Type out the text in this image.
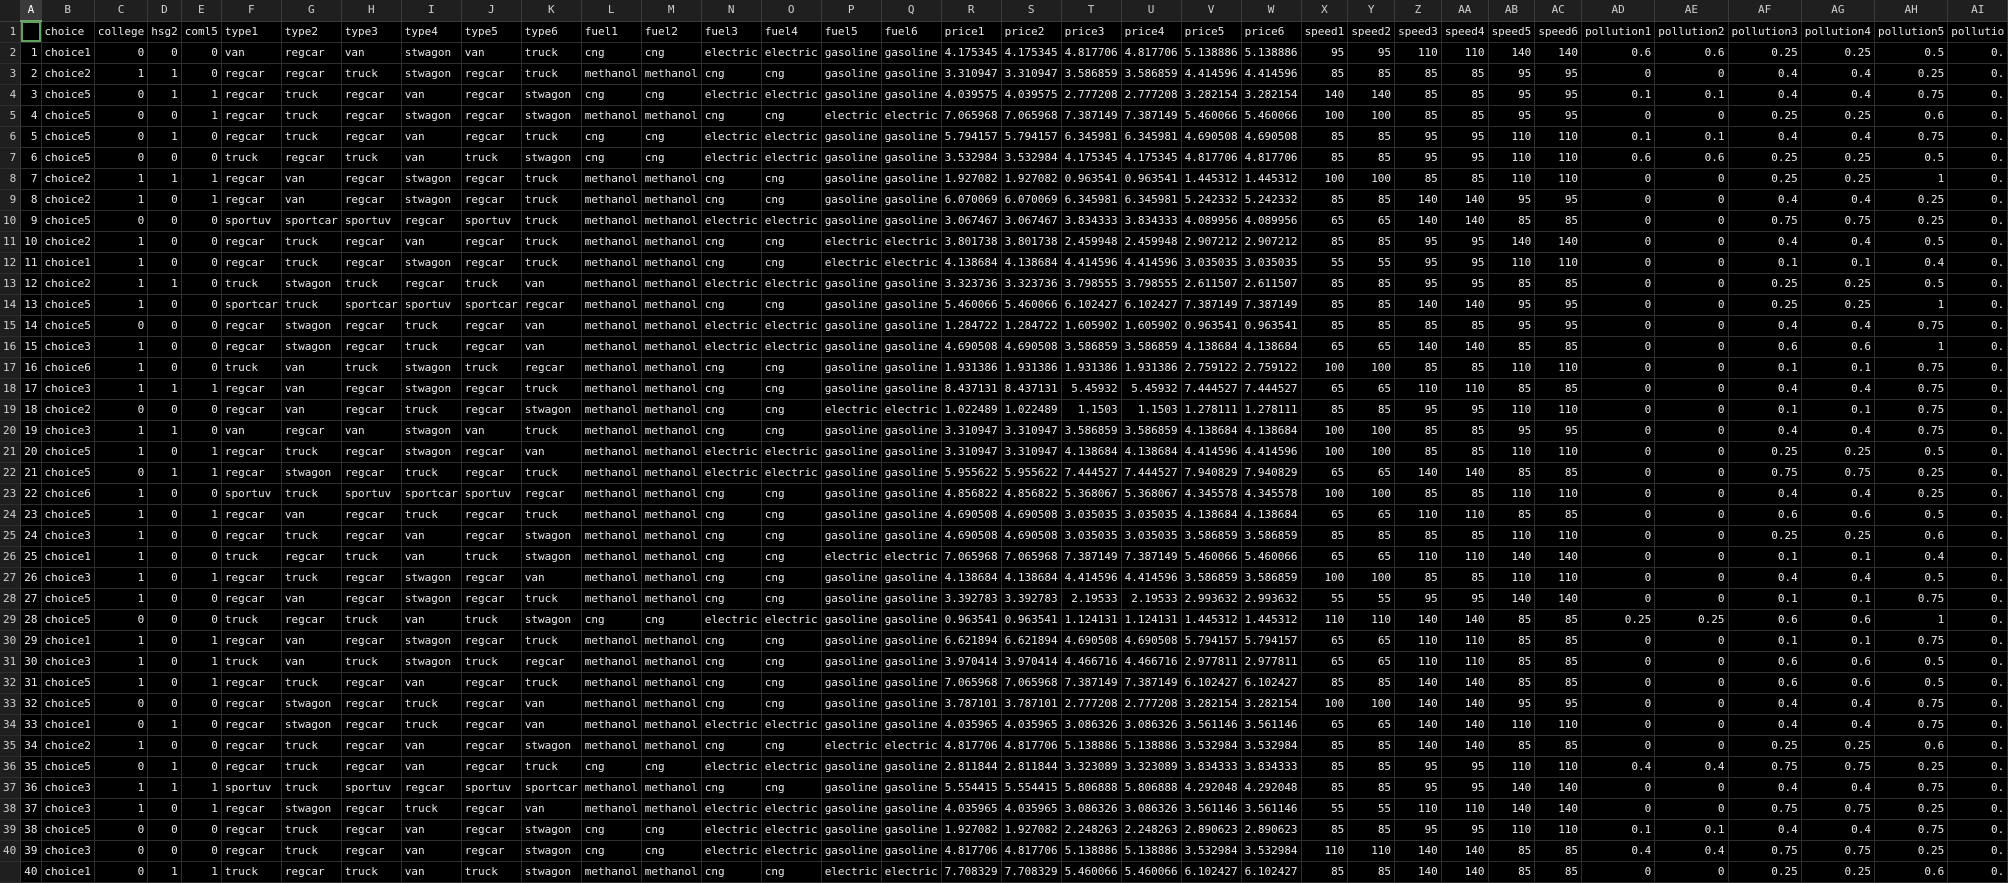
	A	B	C	D	E	F	G	H	I	J	K	L	M	N	O	P	Q	R	S	T	U	V	W	X	Y	Z	AA	AB	AC	AD	AE	AF	AG	AH	AI
1		choice	college	hsg2	coml5	type1	type2	type3	type4	type5	type6	fuel1	fuel2	fuel3	fuel4	fuel5	fuel6	price1	price2	price3	price4	price5	price6	speed1	speed2	speed3	speed4	speed5	speed6	pollution1	pollution2	pollution3	pollution4	pollution5	pollutio
2	1	choice1	0	0	0	van	regcar	van	stwagon	van	truck	cng	cng	electric	electric	gasoline	gasoline	4.175345	4.175345	4.817706	4.817706	5.138886	5.138886	95	95	110	110	140	140	0.6	0.6	0.25	0.25	0.5	0.
3	2	choice2	1	1	0	regcar	regcar	truck	stwagon	regcar	truck	methanol	methanol	cng	cng	gasoline	gasoline	3.310947	3.310947	3.586859	3.586859	4.414596	4.414596	85	85	85	85	95	95	0	0	0.4	0.4	0.25	0.
4	3	choice5	0	1	1	regcar	truck	regcar	van	regcar	stwagon	cng	cng	electric	electric	gasoline	gasoline	4.039575	4.039575	2.777208	2.777208	3.282154	3.282154	140	140	85	85	95	95	0.1	0.1	0.4	0.4	0.75	0.
5	4	choice5	0	0	1	regcar	truck	regcar	stwagon	regcar	stwagon	methanol	methanol	cng	cng	electric	electric	7.065968	7.065968	7.387149	7.387149	5.460066	5.460066	100	100	85	85	95	95	0	0	0.25	0.25	0.6	0.
6	5	choice5	0	1	0	regcar	truck	regcar	van	regcar	truck	cng	cng	electric	electric	gasoline	gasoline	5.794157	5.794157	6.345981	6.345981	4.690508	4.690508	85	85	95	95	110	110	0.1	0.1	0.4	0.4	0.75	0.
7	6	choice5	0	0	0	truck	regcar	truck	van	truck	stwagon	cng	cng	electric	electric	gasoline	gasoline	3.532984	3.532984	4.175345	4.175345	4.817706	4.817706	85	85	95	95	110	110	0.6	0.6	0.25	0.25	0.5	0.
8	7	choice2	1	1	1	regcar	van	regcar	stwagon	regcar	truck	methanol	methanol	cng	cng	gasoline	gasoline	1.927082	1.927082	0.963541	0.963541	1.445312	1.445312	100	100	85	85	110	110	0	0	0.25	0.25	1	0.
9	8	choice2	1	0	1	regcar	van	regcar	stwagon	regcar	truck	methanol	methanol	cng	cng	gasoline	gasoline	6.070069	6.070069	6.345981	6.345981	5.242332	5.242332	85	85	140	140	95	95	0	0	0.4	0.4	0.25	0.
10	9	choice5	0	0	0	sportuv	sportcar	sportuv	regcar	sportuv	truck	methanol	methanol	electric	electric	gasoline	gasoline	3.067467	3.067467	3.834333	3.834333	4.089956	4.089956	65	65	140	140	85	85	0	0	0.75	0.75	0.25	0.
11	10	choice2	1	0	0	regcar	truck	regcar	van	regcar	truck	methanol	methanol	cng	cng	electric	electric	3.801738	3.801738	2.459948	2.459948	2.907212	2.907212	85	85	95	95	140	140	0	0	0.4	0.4	0.5	0.
12	11	choice1	1	0	0	regcar	truck	regcar	stwagon	regcar	truck	methanol	methanol	cng	cng	electric	electric	4.138684	4.138684	4.414596	4.414596	3.035035	3.035035	55	55	95	95	110	110	0	0	0.1	0.1	0.4	0.
13	12	choice2	1	1	0	truck	stwagon	truck	regcar	truck	van	methanol	methanol	electric	electric	gasoline	gasoline	3.323736	3.323736	3.798555	3.798555	2.611507	2.611507	85	85	95	95	85	85	0	0	0.25	0.25	0.5	0.
14	13	choice5	1	0	0	sportcar	truck	sportcar	sportuv	sportcar	regcar	methanol	methanol	cng	cng	gasoline	gasoline	5.460066	5.460066	6.102427	6.102427	7.387149	7.387149	85	85	140	140	95	95	0	0	0.25	0.25	1	0.
15	14	choice5	0	0	0	regcar	stwagon	regcar	truck	regcar	van	methanol	methanol	electric	electric	gasoline	gasoline	1.284722	1.284722	1.605902	1.605902	0.963541	0.963541	85	85	85	85	95	95	0	0	0.4	0.4	0.75	0.
16	15	choice3	1	0	0	regcar	stwagon	regcar	truck	regcar	van	methanol	methanol	electric	electric	gasoline	gasoline	4.690508	4.690508	3.586859	3.586859	4.138684	4.138684	65	65	140	140	85	85	0	0	0.6	0.6	1	0.
17	16	choice6	1	0	0	truck	van	truck	stwagon	truck	regcar	methanol	methanol	cng	cng	gasoline	gasoline	1.931386	1.931386	1.931386	1.931386	2.759122	2.759122	100	100	85	85	110	110	0	0	0.1	0.1	0.75	0.
18	17	choice3	1	1	1	regcar	van	regcar	stwagon	regcar	truck	methanol	methanol	cng	cng	gasoline	gasoline	8.437131	8.437131	5.45932	5.45932	7.444527	7.444527	65	65	110	110	85	85	0	0	0.4	0.4	0.75	0.
19	18	choice2	0	0	0	regcar	van	regcar	truck	regcar	stwagon	methanol	methanol	cng	cng	electric	electric	1.022489	1.022489	1.1503	1.1503	1.278111	1.278111	85	85	95	95	110	110	0	0	0.1	0.1	0.75	0.
20	19	choice3	1	1	0	van	regcar	van	stwagon	van	truck	methanol	methanol	cng	cng	gasoline	gasoline	3.310947	3.310947	3.586859	3.586859	4.138684	4.138684	100	100	85	85	95	95	0	0	0.4	0.4	0.75	0.
21	20	choice5	1	0	1	regcar	truck	regcar	stwagon	regcar	van	methanol	methanol	electric	electric	gasoline	gasoline	3.310947	3.310947	4.138684	4.138684	4.414596	4.414596	100	100	85	85	110	110	0	0	0.25	0.25	0.5	0.
22	21	choice5	0	1	1	regcar	stwagon	regcar	truck	regcar	truck	methanol	methanol	electric	electric	gasoline	gasoline	5.955622	5.955622	7.444527	7.444527	7.940829	7.940829	65	65	140	140	85	85	0	0	0.75	0.75	0.25	0.
23	22	choice6	1	0	0	sportuv	truck	sportuv	sportcar	sportuv	regcar	methanol	methanol	cng	cng	gasoline	gasoline	4.856822	4.856822	5.368067	5.368067	4.345578	4.345578	100	100	85	85	110	110	0	0	0.4	0.4	0.25	0.
24	23	choice5	1	0	1	regcar	van	regcar	truck	regcar	truck	methanol	methanol	cng	cng	gasoline	gasoline	4.690508	4.690508	3.035035	3.035035	4.138684	4.138684	65	65	110	110	85	85	0	0	0.6	0.6	0.5	0.
25	24	choice3	1	0	0	regcar	truck	regcar	van	regcar	stwagon	methanol	methanol	cng	cng	gasoline	gasoline	4.690508	4.690508	3.035035	3.035035	3.586859	3.586859	85	85	85	85	110	110	0	0	0.25	0.25	0.6	0.
26	25	choice1	1	0	0	truck	regcar	truck	van	truck	stwagon	methanol	methanol	cng	cng	electric	electric	7.065968	7.065968	7.387149	7.387149	5.460066	5.460066	65	65	110	110	140	140	0	0	0.1	0.1	0.4	0.
27	26	choice3	1	0	1	regcar	truck	regcar	stwagon	regcar	van	methanol	methanol	cng	cng	gasoline	gasoline	4.138684	4.138684	4.414596	4.414596	3.586859	3.586859	100	100	85	85	110	110	0	0	0.4	0.4	0.5	0.
28	27	choice5	1	0	0	regcar	van	regcar	stwagon	regcar	truck	methanol	methanol	cng	cng	gasoline	gasoline	3.392783	3.392783	2.19533	2.19533	2.993632	2.993632	55	55	95	95	140	140	0	0	0.1	0.1	0.75	0.
29	28	choice5	0	0	0	truck	regcar	truck	van	truck	stwagon	cng	cng	electric	electric	gasoline	gasoline	0.963541	0.963541	1.124131	1.124131	1.445312	1.445312	110	110	140	140	85	85	0.25	0.25	0.6	0.6	1	0.
30	29	choice1	1	0	1	regcar	van	regcar	stwagon	regcar	truck	methanol	methanol	cng	cng	gasoline	gasoline	6.621894	6.621894	4.690508	4.690508	5.794157	5.794157	65	65	110	110	85	85	0	0	0.1	0.1	0.75	0.
31	30	choice3	1	0	1	truck	van	truck	stwagon	truck	regcar	methanol	methanol	cng	cng	gasoline	gasoline	3.970414	3.970414	4.466716	4.466716	2.977811	2.977811	65	65	110	110	85	85	0	0	0.6	0.6	0.5	0.
32	31	choice5	1	0	1	regcar	truck	regcar	van	regcar	truck	methanol	methanol	cng	cng	gasoline	gasoline	7.065968	7.065968	7.387149	7.387149	6.102427	6.102427	85	85	140	140	85	85	0	0	0.6	0.6	0.5	0.
33	32	choice5	0	0	0	regcar	stwagon	regcar	truck	regcar	van	methanol	methanol	cng	cng	gasoline	gasoline	3.787101	3.787101	2.777208	2.777208	3.282154	3.282154	100	100	140	140	95	95	0	0	0.4	0.4	0.75	0.
34	33	choice1	0	1	0	regcar	stwagon	regcar	truck	regcar	van	methanol	methanol	electric	electric	gasoline	gasoline	4.035965	4.035965	3.086326	3.086326	3.561146	3.561146	65	65	140	140	110	110	0	0	0.4	0.4	0.75	0.
35	34	choice2	1	0	0	regcar	truck	regcar	van	regcar	stwagon	methanol	methanol	cng	cng	electric	electric	4.817706	4.817706	5.138886	5.138886	3.532984	3.532984	85	85	140	140	85	85	0	0	0.25	0.25	0.6	0.
36	35	choice5	0	1	0	regcar	truck	regcar	van	regcar	truck	cng	cng	electric	electric	gasoline	gasoline	2.811844	2.811844	3.323089	3.323089	3.834333	3.834333	85	85	95	95	110	110	0.4	0.4	0.75	0.75	0.25	0.
37	36	choice3	1	1	1	sportuv	truck	sportuv	regcar	sportuv	sportcar	methanol	methanol	cng	cng	gasoline	gasoline	5.554415	5.554415	5.806888	5.806888	4.292048	4.292048	85	85	95	95	140	140	0	0	0.4	0.4	0.75	0.
38	37	choice3	1	0	1	regcar	stwagon	regcar	truck	regcar	van	methanol	methanol	electric	electric	gasoline	gasoline	4.035965	4.035965	3.086326	3.086326	3.561146	3.561146	55	55	110	110	140	140	0	0	0.75	0.75	0.25	0.
39	38	choice5	0	0	0	regcar	truck	regcar	van	regcar	stwagon	cng	cng	electric	electric	gasoline	gasoline	1.927082	1.927082	2.248263	2.248263	2.890623	2.890623	85	85	95	95	110	110	0.1	0.1	0.4	0.4	0.75	0.
40	39	choice3	0	0	0	regcar	truck	regcar	van	regcar	stwagon	cng	cng	electric	electric	gasoline	gasoline	4.817706	4.817706	5.138886	5.138886	3.532984	3.532984	110	110	140	140	85	85	0.4	0.4	0.75	0.75	0.25	0.
	40	choice1	0	1	1	truck	regcar	truck	van	truck	stwagon	methanol	methanol	cng	cng	electric	electric	7.708329	7.708329	5.460066	5.460066	6.102427	6.102427	85	85	140	140	85	85	0	0	0.25	0.25	0.6	0.
